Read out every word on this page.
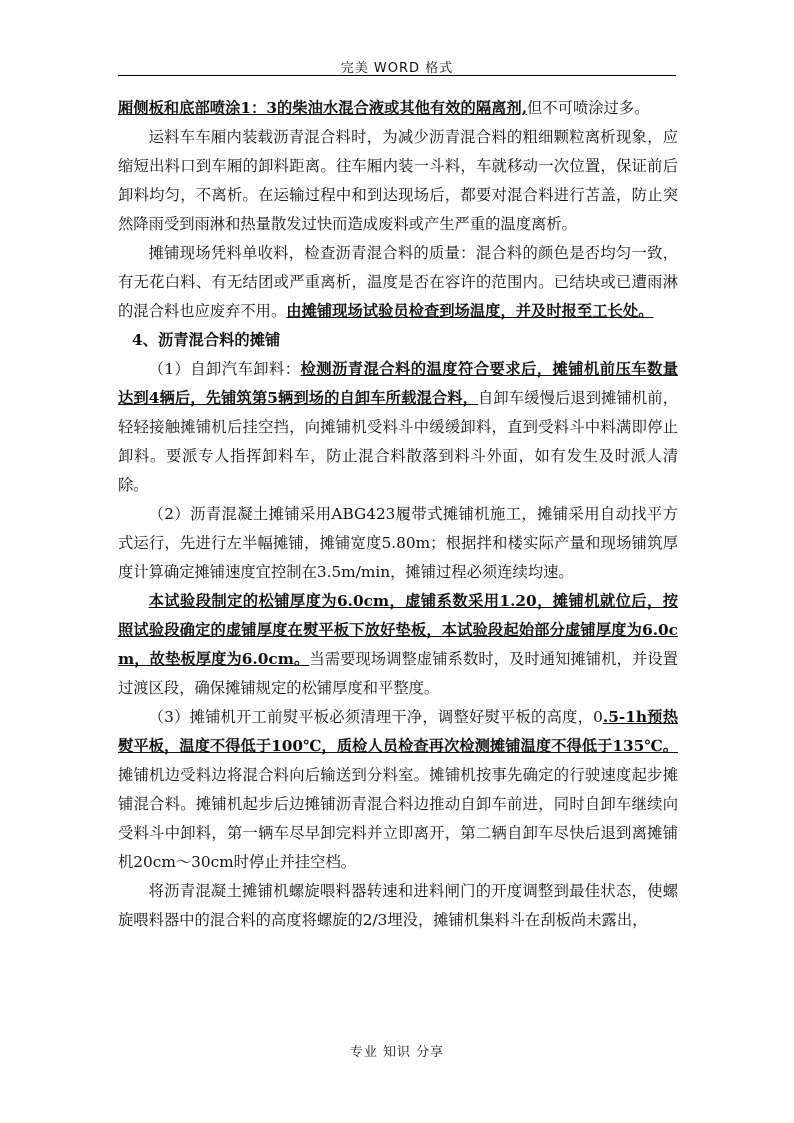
完美 WORD 格式

厢侧板和底部喷涂1：3的柴油水混合液或其他有效的隔离剂,但不可喷涂过多。

运料车车厢内装载沥青混合料时，为减少沥青混合料的粗细颗粒离析现象，应缩短出料口到车厢的卸料距离。往车厢内装一斗料，车就移动一次位置，保证前后卸料均匀，不离析。在运输过程中和到达现场后，都要对混合料进行苫盖，防止突然降雨受到雨淋和热量散发过快而造成废料或产生严重的温度离析。

摊铺现场凭料单收料，检查沥青混合料的质量：混合料的颜色是否均匀一致，有无花白料、有无结团或严重离析，温度是否在容许的范围内。已结块或已遭雨淋的混合料也应废弃不用。由摊铺现场试验员检查到场温度，并及时报至工长处。

4、沥青混合料的摊铺

（1）自卸汽车卸料：检测沥青混合料的温度符合要求后，摊铺机前压车数量达到4辆后，先铺筑第5辆到场的自卸车所载混合料，自卸车缓慢后退到摊铺机前，轻轻接触摊铺机后挂空挡，向摊铺机受料斗中缓缓卸料，直到受料斗中料满即停止卸料。要派专人指挥卸料车，防止混合料散落到料斗外面，如有发生及时派人清除。

（2）沥青混凝土摊铺采用ABG423履带式摊铺机施工，摊铺采用自动找平方式运行，先进行左半幅摊铺，摊铺宽度5.80m；根据拌和楼实际产量和现场铺筑厚度计算确定摊铺速度宜控制在3.5m/min，摊铺过程必须连续均速。

本试验段制定的松铺厚度为6.0cm，虚铺系数采用1.20，摊铺机就位后，按照试验段确定的虚铺厚度在熨平板下放好垫板，本试验段起始部分虚铺厚度为6.0cm，故垫板厚度为6.0cm。当需要现场调整虚铺系数时，及时通知摊铺机，并设置过渡区段，确保摊铺规定的松铺厚度和平整度。

（3）摊铺机开工前熨平板必须清理干净，调整好熨平板的高度，0.5-1h预热熨平板，温度不得低于100℃，质检人员检查再次检测摊铺温度不得低于135℃。摊铺机边受料边将混合料向后输送到分料室。摊铺机按事先确定的行驶速度起步摊铺混合料。摊铺机起步后边摊铺沥青混合料边推动自卸车前进，同时自卸车继续向受料斗中卸料，第一辆车尽早卸完料并立即离开，第二辆自卸车尽快后退到离摊铺机20cm～30cm时停止并挂空档。

将沥青混凝土摊铺机螺旋喂料器转速和进料闸门的开度调整到最佳状态，使螺旋喂料器中的混合料的高度将螺旋的2/3埋没，摊铺机集料斗在刮板尚未露出，

专业 知识 分享
